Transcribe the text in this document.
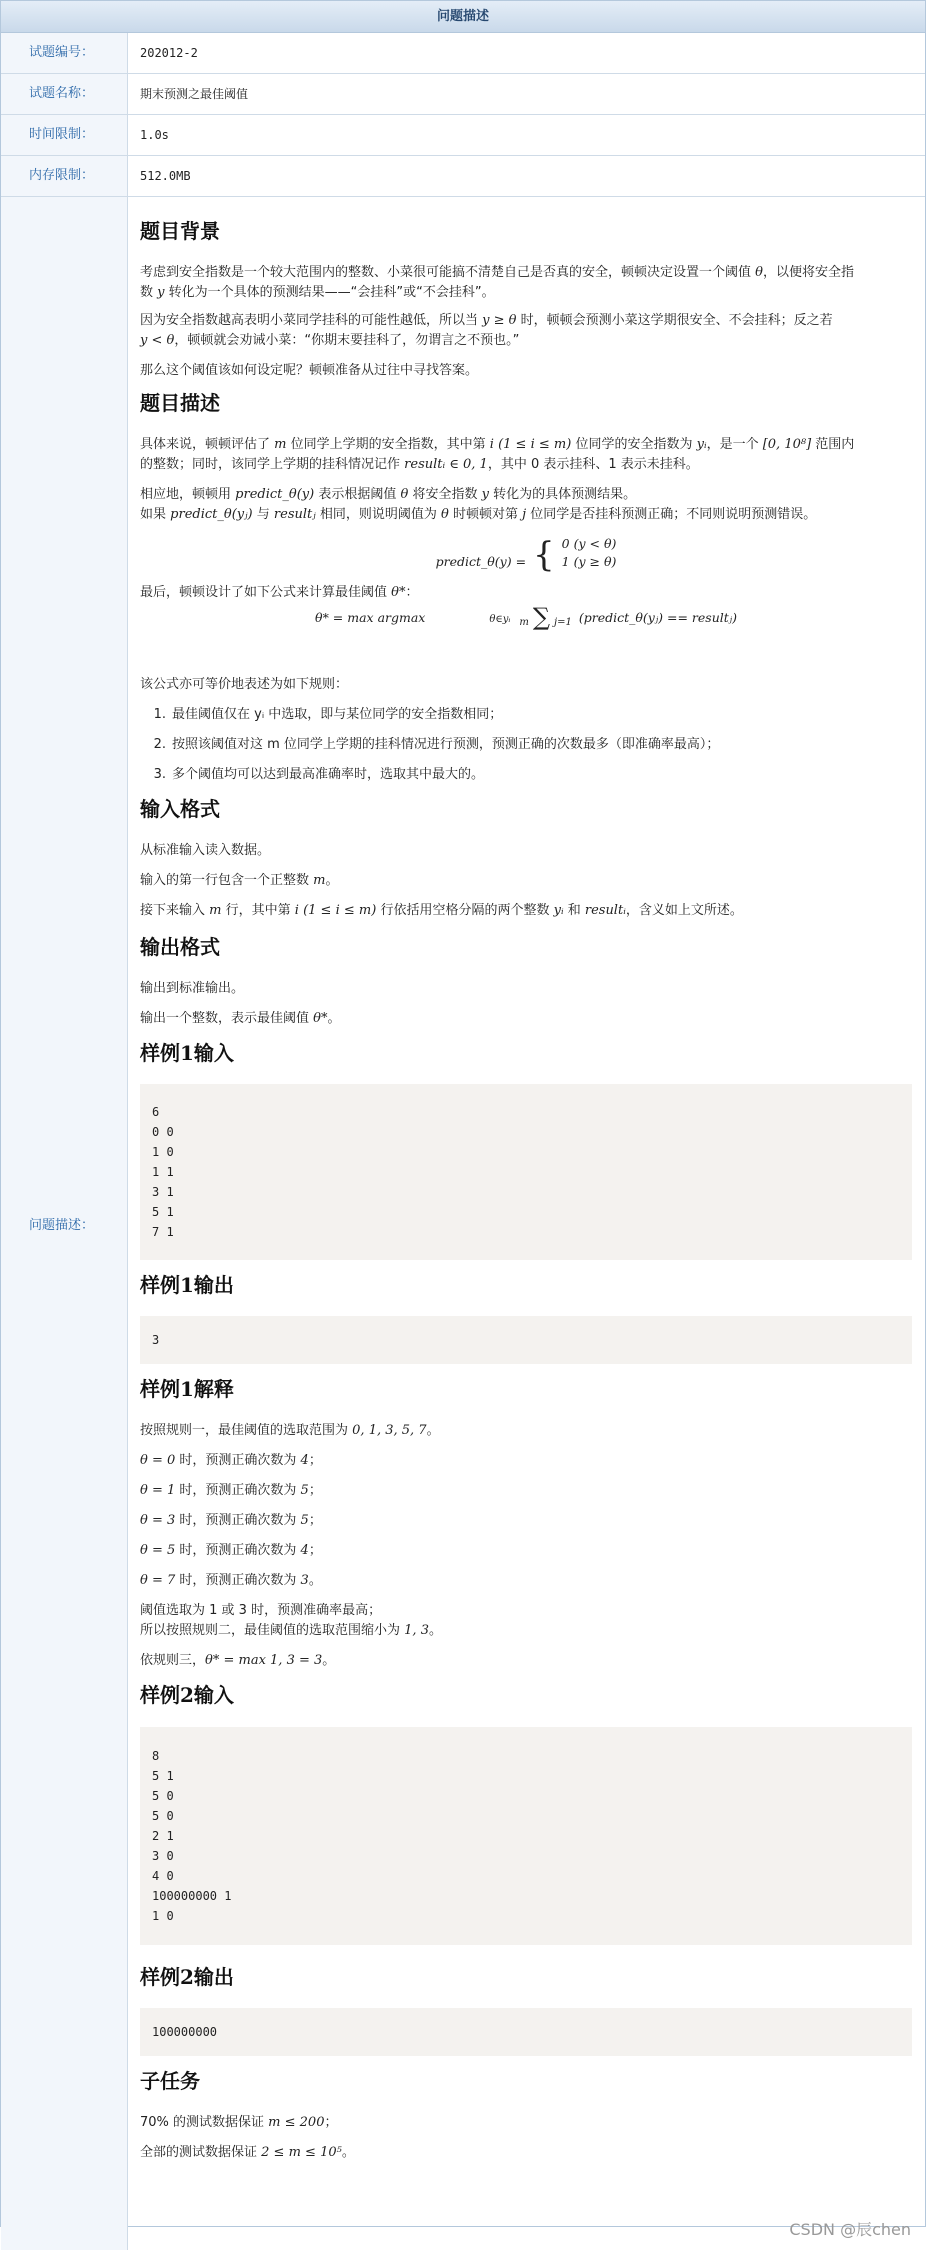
问题描述
试题编号：	202012-2
试题名称：	期末预测之最佳阈值
时间限制：	1.0s
内存限制：	512.0MB
问题描述：
题目背景
考虑到安全指数是一个较大范围内的整数、小菜很可能搞不清楚自己是否真的安全，顿顿决定设置一个阈值 θ，以便将安全指
数 y 转化为一个具体的预测结果——“会挂科”或“不会挂科”。
因为安全指数越高表明小菜同学挂科的可能性越低，所以当 y ≥ θ 时，顿顿会预测小菜这学期很安全、不会挂科；反之若
y < θ，顿顿就会劝诫小菜：“你期末要挂科了，勿谓言之不预也。”
那么这个阈值该如何设定呢？顿顿准备从过往中寻找答案。
题目描述
具体来说，顿顿评估了 m 位同学上学期的安全指数，其中第 i (1 ≤ i ≤ m) 位同学的安全指数为 yᵢ，是一个 [0, 10⁸] 范围内
的整数；同时，该同学上学期的挂科情况记作 resultᵢ ∈ 0, 1，其中 0 表示挂科、1 表示未挂科。
相应地，顿顿用 predict_θ(y) 表示根据阈值 θ 将安全指数 y 转化为的具体预测结果。
如果 predict_θ(yⱼ) 与 resultⱼ 相同，则说明阈值为 θ 时顿顿对第 j 位同学是否挂科预测正确；不同则说明预测错误。
predict_θ(y) = { 0 (y < θ)
1 (y ≥ θ)
最后，顿顿设计了如下公式来计算最佳阈值 θ*：
θ* = max argmax	θ∈yᵢ m ∑ j=1 (predict_θ(yⱼ) == resultⱼ)
该公式亦可等价地表述为如下规则：
1. 最佳阈值仅在 yᵢ 中选取，即与某位同学的安全指数相同；
2. 按照该阈值对这 m 位同学上学期的挂科情况进行预测，预测正确的次数最多（即准确率最高）；
3. 多个阈值均可以达到最高准确率时，选取其中最大的。
输入格式
从标准输入读入数据。
输入的第一行包含一个正整数 m。
接下来输入 m 行，其中第 i (1 ≤ i ≤ m) 行依括用空格分隔的两个整数 yᵢ 和 resultᵢ，含义如上文所述。
输出格式
输出到标准输出。
输出一个整数，表示最佳阈值 θ*。
样例1输入
6
0 0
1 0
1 1
3 1
5 1
7 1
样例1输出
3
样例1解释
按照规则一，最佳阈值的选取范围为 0, 1, 3, 5, 7。
θ = 0 时，预测正确次数为 4；
θ = 1 时，预测正确次数为 5；
θ = 3 时，预测正确次数为 5；
θ = 5 时，预测正确次数为 4；
θ = 7 时，预测正确次数为 3。
阈值选取为 1 或 3 时，预测准确率最高；
所以按照规则二，最佳阈值的选取范围缩小为 1, 3。
依规则三，θ* = max 1, 3 = 3。
样例2输入
8
5 1
5 0
5 0
2 1
3 0
4 0
100000000 1
1 0
样例2输出
100000000
子任务
70% 的测试数据保证 m ≤ 200；
全部的测试数据保证 2 ≤ m ≤ 10⁵。
CSDN @辰chen
